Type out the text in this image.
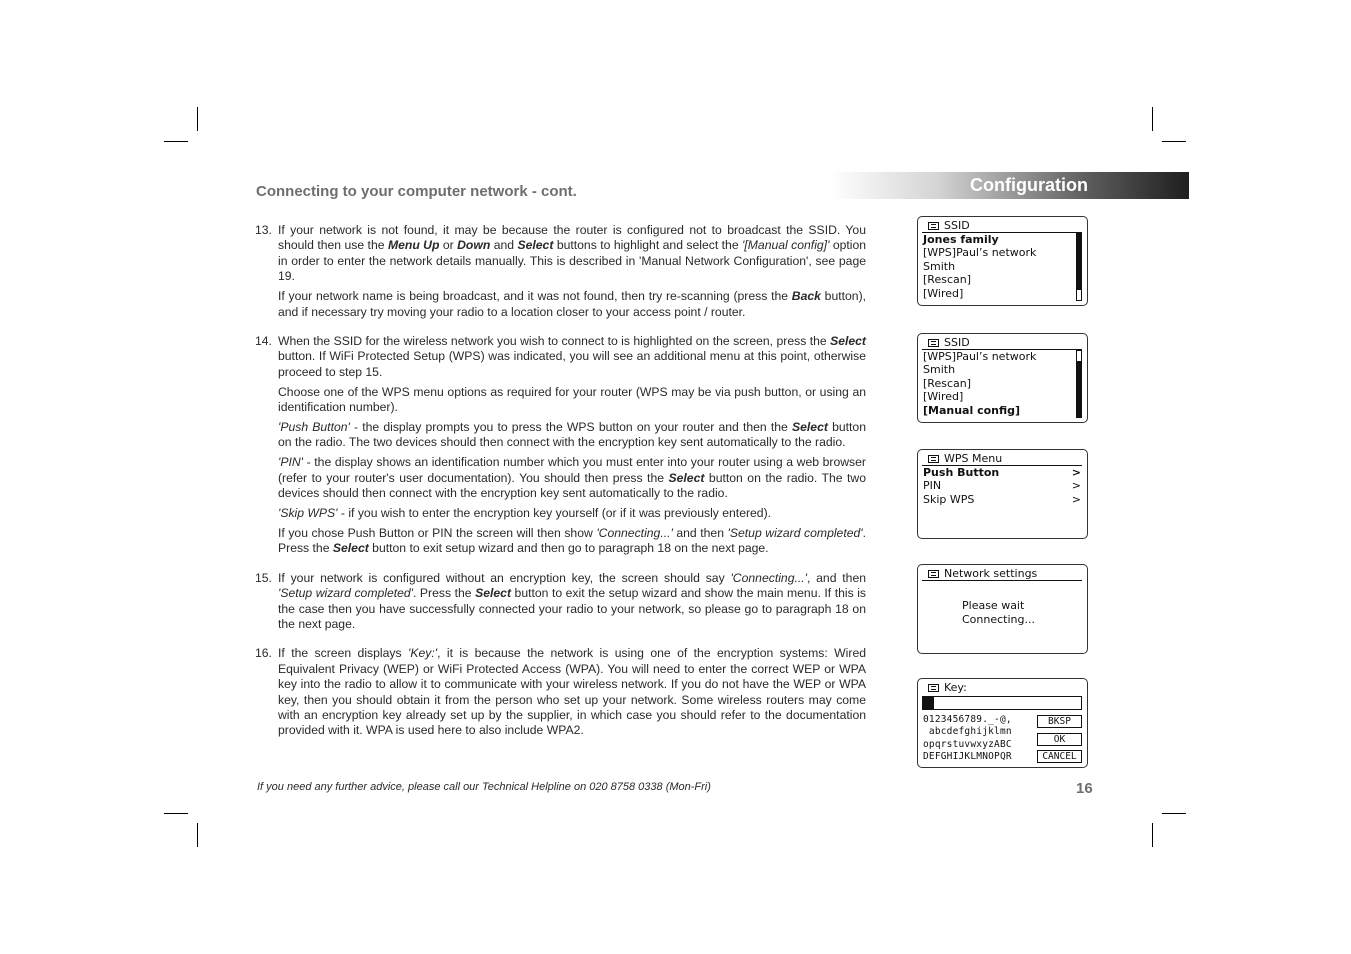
Connecting to your computer network - cont.	Configuration
13. If your network is not found, it may be because the router is configured not to broadcast the SSID. You should then use the Menu Up or Down and Select buttons to highlight and select the '[Manual config]' option in order to enter the network details manually. This is described in 'Manual Network Configuration', see page 19.

If your network name is being broadcast, and it was not found, then try re-scanning (press the Back button), and if necessary try moving your radio to a location closer to your access point / router.

14. When the SSID for the wireless network you wish to connect to is highlighted on the screen, press the Select button. If WiFi Protected Setup (WPS) was indicated, you will see an additional menu at this point, otherwise proceed to step 15.

Choose one of the WPS menu options as required for your router (WPS may be via push button, or using an identification number).

'Push Button' - the display prompts you to press the WPS button on your router and then the Select button on the radio. The two devices should then connect with the encryption key sent automatically to the radio.

'PIN' - the display shows an identification number which you must enter into your router using a web browser (refer to your router's user documentation). You should then press the Select button on the radio. The two devices should then connect with the encryption key sent automatically to the radio.

'Skip WPS' - if you wish to enter the encryption key yourself (or if it was previously entered).

If you chose Push Button or PIN the screen will then show 'Connecting...' and then 'Setup wizard completed'. Press the Select button to exit setup wizard and then go to paragraph 18 on the next page.

15. If your network is configured without an encryption key, the screen should say 'Connecting...', and then 'Setup wizard completed'. Press the Select button to exit the setup wizard and show the main menu. If this is the case then you have successfully connected your radio to your network, so please go to paragraph 18 on the next page.

16. If the screen displays 'Key:', it is because the network is using one of the encryption systems: Wired Equivalent Privacy (WEP) or WiFi Protected Access (WPA). You will need to enter the correct WEP or WPA key into the radio to allow it to communicate with your wireless network. If you do not have the WEP or WPA key, then you should obtain it from the person who set up your network. Some wireless routers may come with an encryption key already set up by the supplier, in which case you should refer to the documentation provided with it. WPA is used here to also include WPA2.

If you need any further advice, please call our Technical Helpline on 020 8758 0338 (Mon-Fri)	16
SSID
Jones family
[WPS]Paul’s network
Smith
[Rescan]
[Wired]
SSID
[WPS]Paul’s network
Smith
[Rescan]
[Wired]
[Manual config]
WPS Menu
Push Button	>
PIN	>
Skip WPS	>
Network settings
Please wait
Connecting...
Key:
0123456789._-@,
abcdefghijklmn
opqrstuvwxyzABC
DEFGHIJKLMNOPQR
BKSP
OK
CANCEL
